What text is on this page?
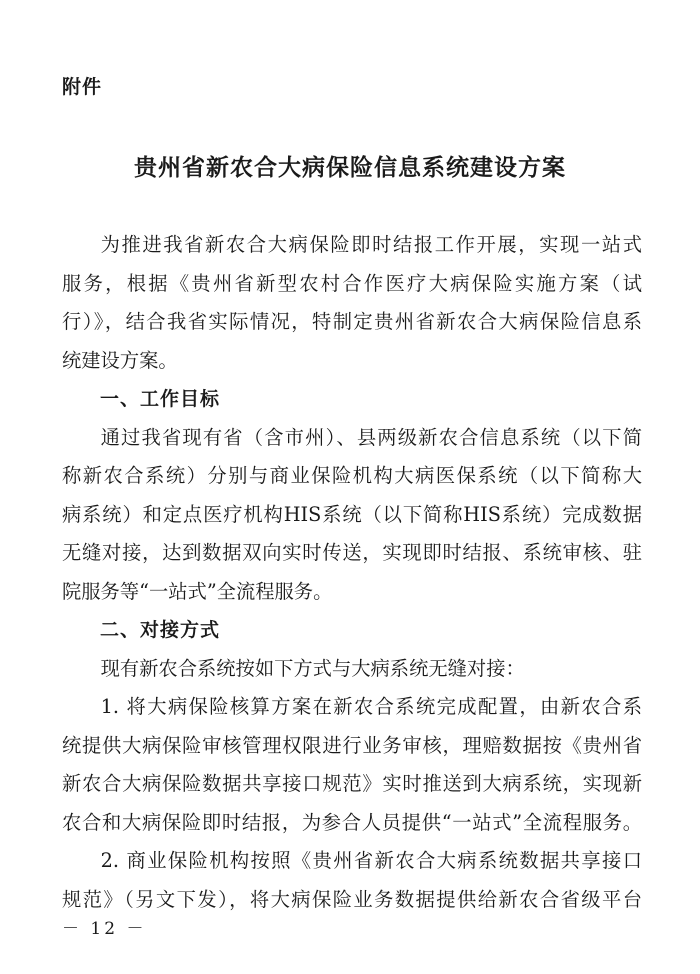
附件
贵州省新农合大病保险信息系统建设方案

为推进我省新农合大病保险即时结报工作开展，实现一站式

服务，根据《贵州省新型农村合作医疗大病保险实施方案（试

行）》，结合我省实际情况，特制定贵州省新农合大病保险信息系

统建设方案。

一、工作目标

通过我省现有省（含市州）、县两级新农合信息系统（以下简

称新农合系统）分别与商业保险机构大病医保系统（以下简称大

病系统）和定点医疗机构HIS系统（以下简称HIS系统）完成数据

无缝对接，达到数据双向实时传送，实现即时结报、系统审核、驻

院服务等“一站式”全流程服务。

二、对接方式

现有新农合系统按如下方式与大病系统无缝对接：

1. 将大病保险核算方案在新农合系统完成配置，由新农合系

统提供大病保险审核管理权限进行业务审核，理赔数据按《贵州省

新农合大病保险数据共享接口规范》实时推送到大病系统，实现新

农合和大病保险即时结报，为参合人员提供“一站式”全流程服务。

2. 商业保险机构按照《贵州省新农合大病系统数据共享接口

规范》（另文下发），将大病保险业务数据提供给新农合省级平台

－ 12 －
